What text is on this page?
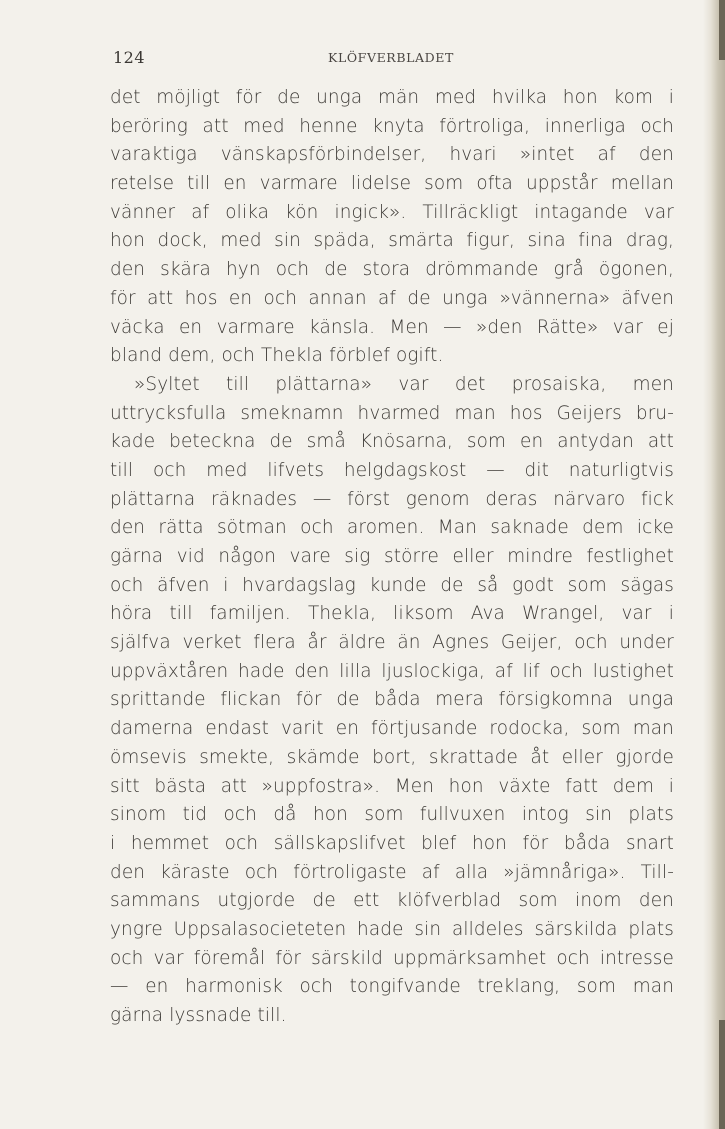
124	KLÖFVERBLADET
det möjligt för de unga män med hvilka hon kom i
beröring att med henne knyta förtroliga, innerliga och
varaktiga vänskapsförbindelser, hvari »intet af den
retelse till en varmare lidelse som ofta uppstår mellan
vänner af olika kön ingick». Tillräckligt intagande var
hon dock, med sin späda, smärta figur, sina fina drag,
den skära hyn och de stora drömmande grå ögonen,
för att hos en och annan af de unga »vännerna» äfven
väcka en varmare känsla. Men — »den Rätte» var ej
bland dem, och Thekla förblef ogift.
»Syltet till plättarna» var det prosaiska, men
uttrycksfulla smeknamn hvarmed man hos Geijers bru-
kade beteckna de små Knösarna, som en antydan att
till och med lifvets helgdagskost — dit naturligtvis
plättarna räknades — först genom deras närvaro fick
den rätta sötman och aromen. Man saknade dem icke
gärna vid någon vare sig större eller mindre festlighet
och äfven i hvardagslag kunde de så godt som sägas
höra till familjen. Thekla, liksom Ava Wrangel, var i
själfva verket flera år äldre än Agnes Geijer, och under
uppväxtåren hade den lilla ljuslockiga, af lif och lustighet
sprittande flickan för de båda mera försigkomna unga
damerna endast varit en förtjusande rodocka, som man
ömsevis smekte, skämde bort, skrattade åt eller gjorde
sitt bästa att »uppfostra». Men hon växte fatt dem i
sinom tid och då hon som fullvuxen intog sin plats
i hemmet och sällskapslifvet blef hon för båda snart
den käraste och förtroligaste af alla »jämnåriga». Till-
sammans utgjorde de ett klöfverblad som inom den
yngre Uppsalasocieteten hade sin alldeles särskilda plats
och var föremål för särskild uppmärksamhet och intresse
— en harmonisk och tongifvande treklang, som man
gärna lyssnade till.
